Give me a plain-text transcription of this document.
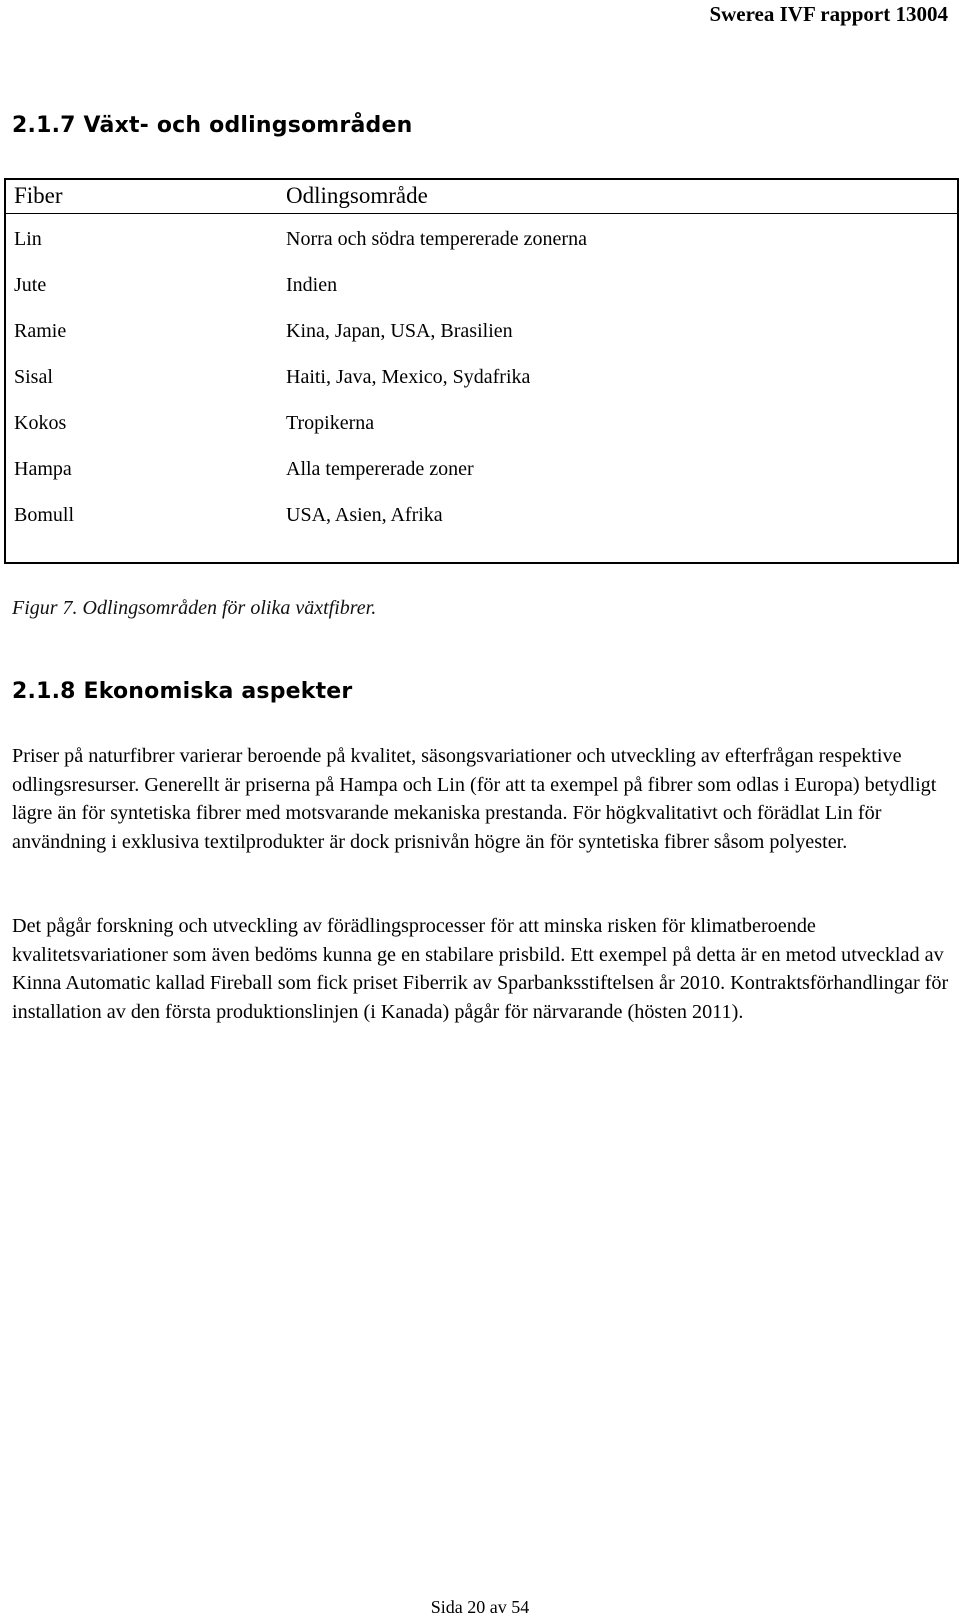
Swerea IVF rapport 13004
2.1.7 Växt- och odlingsområden
Fiber	Odlingsområde
Lin	Norra och södra tempererade zonerna
Jute	Indien
Ramie	Kina, Japan, USA, Brasilien
Sisal	Haiti, Java, Mexico, Sydafrika
Kokos	Tropikerna
Hampa	Alla tempererade zoner
Bomull	USA, Asien, Afrika
Figur 7. Odlingsområden för olika växtfibrer.
2.1.8 Ekonomiska aspekter

Priser på naturfibrer varierar beroende på kvalitet, säsongsvariationer och utveckling av efterfrågan respektive odlingsresurser. Generellt är priserna på Hampa och Lin (för att ta exempel på fibrer som odlas i Europa) betydligt lägre än för syntetiska fibrer med motsvarande mekaniska prestanda. För högkvalitativt och förädlat Lin för användning i exklusiva textilprodukter är dock prisnivån högre än för syntetiska fibrer såsom polyester.

Det pågår forskning och utveckling av förädlingsprocesser för att minska risken för klimatberoende kvalitetsvariationer som även bedöms kunna ge en stabilare prisbild. Ett exempel på detta är en metod utvecklad av Kinna Automatic kallad Fireball som fick priset Fiberrik av Sparbanksstiftelsen år 2010. Kontraktsförhandlingar för installation av den första produktionslinjen (i Kanada) pågår för närvarande (hösten 2011).

Sida 20 av 54
